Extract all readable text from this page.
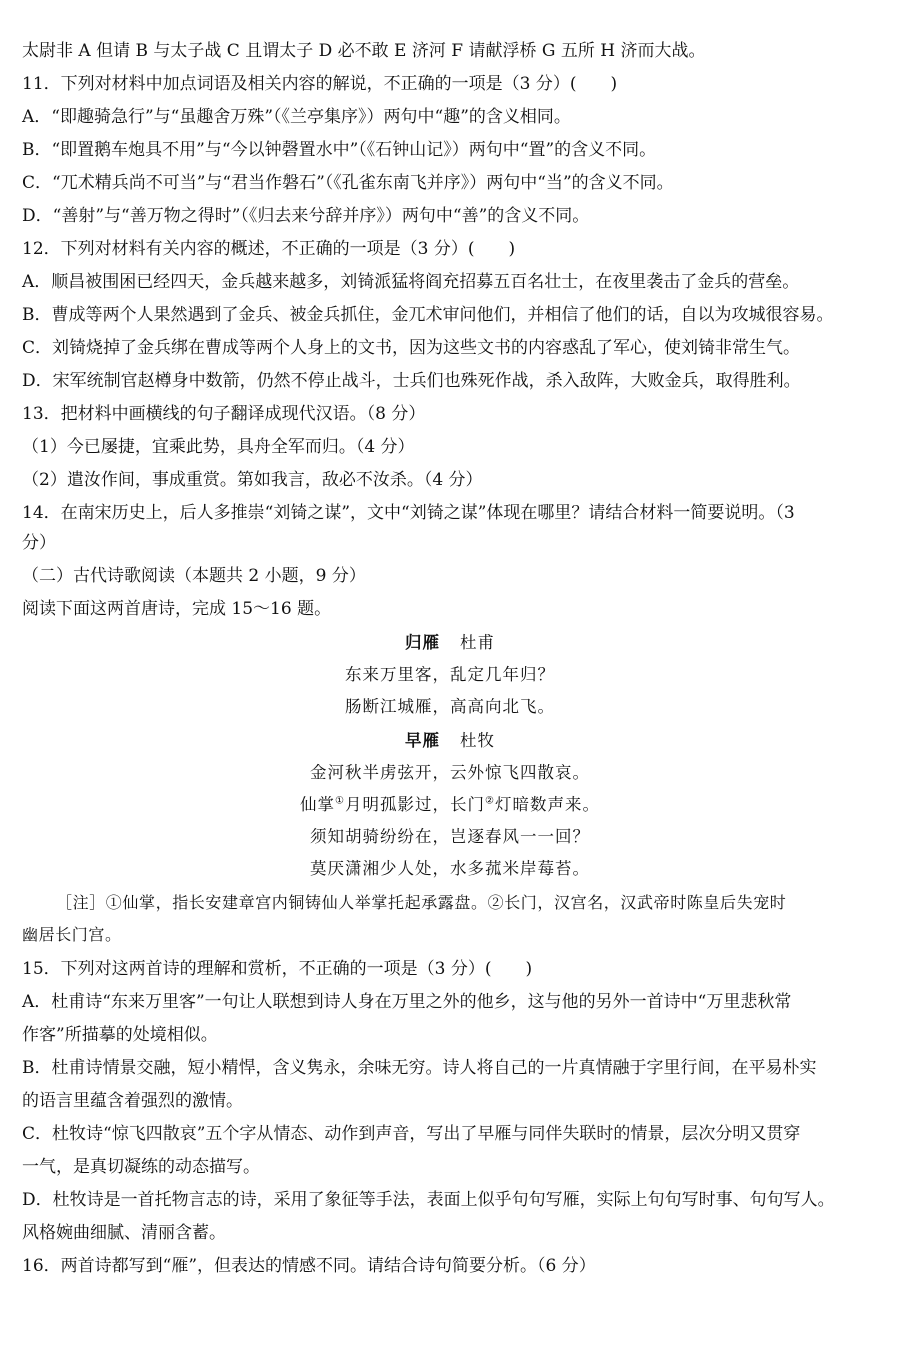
太尉非 A 但请 B 与太子战 C 且谓太子 D 必不敢 E 济河 F 请献浮桥 G 五所 H 济而大战。
11．下列对材料中加点词语及相关内容的解说，不正确的一项是（3 分）(　　)
A．“即趣骑急行”与“虽趣舍万殊”（《兰亭集序》）两句中“趣”的含义相同。
B．“即置鹅车炮具不用”与“今以钟磬置水中”（《石钟山记》）两句中“置”的含义不同。
C．“兀术精兵尚不可当”与“君当作磐石”（《孔雀东南飞并序》）两句中“当”的含义不同。
D．“善射”与“善万物之得时”（《归去来兮辞并序》）两句中“善”的含义不同。
12．下列对材料有关内容的概述，不正确的一项是（3 分）(　　)
A．顺昌被围困已经四天，金兵越来越多，刘锜派猛将阎充招募五百名壮士，在夜里袭击了金兵的营垒。
B．曹成等两个人果然遇到了金兵、被金兵抓住，金兀术审问他们，并相信了他们的话，自以为攻城很容易。
C．刘锜烧掉了金兵绑在曹成等两个人身上的文书，因为这些文书的内容惑乱了军心，使刘锜非常生气。
D．宋军统制官赵樽身中数箭，仍然不停止战斗，士兵们也殊死作战，杀入敌阵，大败金兵，取得胜利。
13．把材料中画横线的句子翻译成现代汉语。（8 分）
（1）今已屡捷，宜乘此势，具舟全军而归。（4 分）
（2）遣汝作间，事成重赏。第如我言，敌必不汝杀。（4 分）
14．在南宋历史上，后人多推崇“刘锜之谋”，文中“刘锜之谋”体现在哪里？请结合材料一简要说明。（3
分）
（二）古代诗歌阅读（本题共 2 小题，9 分）
阅读下面这两首唐诗，完成 15～16 题。
归雁 杜甫
东来万里客，乱定几年归？
肠断江城雁，高高向北飞。
早雁 杜牧
金河秋半虏弦开，云外惊飞四散哀。
仙掌①月明孤影过，长门②灯暗数声来。
须知胡骑纷纷在，岂逐春风一一回？
莫厌潇湘少人处，水多菰米岸莓苔。
［注］①仙掌，指长安建章宫内铜铸仙人举掌托起承露盘。②长门，汉宫名，汉武帝时陈皇后失宠时
幽居长门宫。
15．下列对这两首诗的理解和赏析，不正确的一项是（3 分）(　　)
A．杜甫诗“东来万里客”一句让人联想到诗人身在万里之外的他乡，这与他的另外一首诗中“万里悲秋常
作客”所描摹的处境相似。
B．杜甫诗情景交融，短小精悍，含义隽永，余味无穷。诗人将自己的一片真情融于字里行间，在平易朴实
的语言里蕴含着强烈的激情。
C．杜牧诗“惊飞四散哀”五个字从情态、动作到声音，写出了早雁与同伴失联时的情景，层次分明又贯穿
一气，是真切凝练的动态描写。
D．杜牧诗是一首托物言志的诗，采用了象征等手法，表面上似乎句句写雁，实际上句句写时事、句句写人。
风格婉曲细腻、清丽含蓄。
16．两首诗都写到“雁”，但表达的情感不同。请结合诗句简要分析。（6 分）
